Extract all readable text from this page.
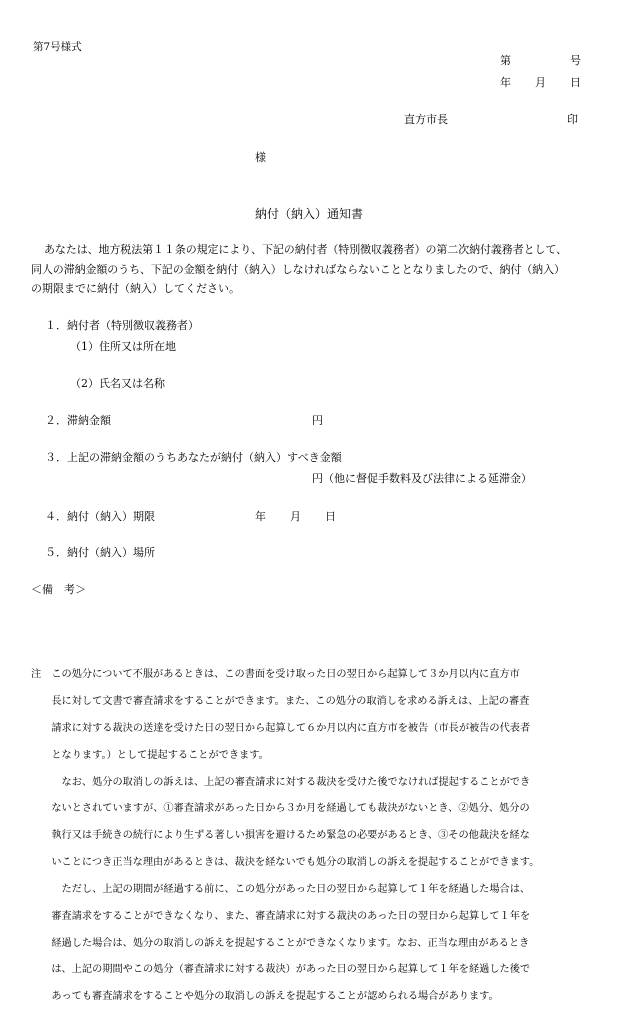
第7号様式
第	号
年 月 日
直方市長	印
様
納付（納入）通知書
あなたは、地方税法第１１条の規定により、下記の納付者（特別徴収義務者）の第二次納付義務者として、
同人の滞納金額のうち、下記の金額を納付（納入）しなければならないこととなりましたので、納付（納入）
の期限までに納付（納入）してください。
１．納付者（特別徴収義務者）
（1）住所又は所在地
（2）氏名又は名称
２．滞納金額	円
３．上記の滞納金額のうちあなたが納付（納入）すべき金額
円（他に督促手数料及び法律による延滞金）
４．納付（納入）期限	年 月 日
５．納付（納入）場所
＜備　考＞

注　この処分について不服があるときは、この書面を受け取った日の翌日から起算して３か月以内に直方市

　　長に対して文書で審査請求をすることができます。また、この処分の取消しを求める訴えは、上記の審査

　　請求に対する裁決の送達を受けた日の翌日から起算して６か月以内に直方市を被告（市長が被告の代表者

　　となります。）として提起することができます。

　　　なお、処分の取消しの訴えは、上記の審査請求に対する裁決を受けた後でなければ提起することができ

　　ないとされていますが、①審査請求があった日から３か月を経過しても裁決がないとき、②処分、処分の

　　執行又は手続きの続行により生ずる著しい損害を避けるため緊急の必要があるとき、③その他裁決を経な

　　いことにつき正当な理由があるときは、裁決を経ないでも処分の取消しの訴えを提起することができます。

　　　ただし、上記の期間が経過する前に、この処分があった日の翌日から起算して１年を経過した場合は、

　　審査請求をすることができなくなり、また、審査請求に対する裁決のあった日の翌日から起算して１年を

　　経過した場合は、処分の取消しの訴えを提起することができなくなります。なお、正当な理由があるとき

　　は、上記の期間やこの処分（審査請求に対する裁決）があった日の翌日から起算して１年を経過した後で

　　あっても審査請求をすることや処分の取消しの訴えを提起することが認められる場合があります。
